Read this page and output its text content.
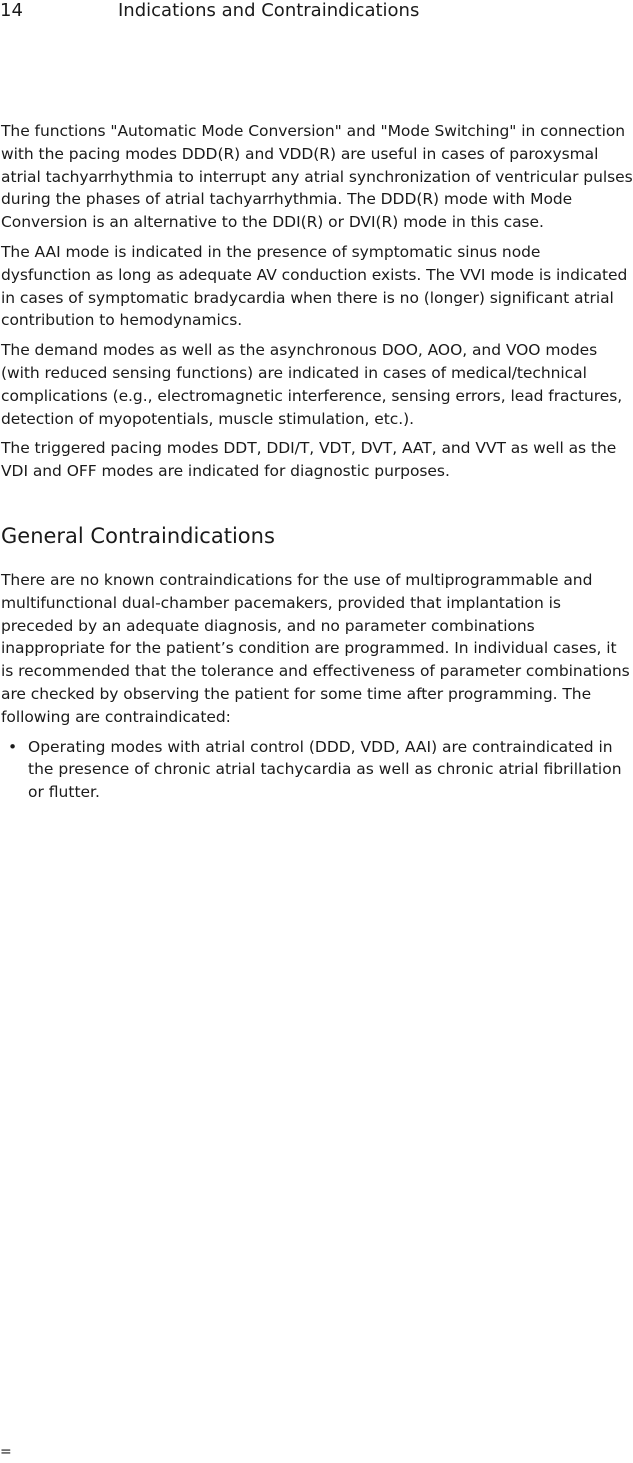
14	Indications and Contraindications

The functions "Automatic Mode Conversion" and "Mode Switching" in connection with the pacing modes DDD(R) and VDD(R) are useful in cases of paroxysmal atrial tachyarrhythmia to interrupt any atrial synchronization of ventricular pulses during the phases of atrial tachyarrhythmia. The DDD(R) mode with Mode Conversion is an alternative to the DDI(R) or DVI(R) mode in this case.

The AAI mode is indicated in the presence of symptomatic sinus node dysfunction as long as adequate AV conduction exists. The VVI mode is indicated in cases of symptomatic bradycardia when there is no (longer) significant atrial contribution to hemodynamics.

The demand modes as well as the asynchronous DOO, AOO, and VOO modes (with reduced sensing functions) are indicated in cases of medical/technical complications (e.g., electromagnetic interference, sensing errors, lead fractures, detection of myopotentials, muscle stimulation, etc.).

The triggered pacing modes DDT, DDI/T, VDT, DVT, AAT, and VVT as well as the VDI and OFF modes are indicated for diagnostic purposes.

General Contraindications

There are no known contraindications for the use of multiprogrammable and multifunctional dual-chamber pacemakers, provided that implantation is preceded by an adequate diagnosis, and no parameter combinations inappropriate for the patient’s condition are programmed. In individual cases, it is recommended that the tolerance and effectiveness of parameter combinations are checked by observing the patient for some time after programming. The following are contraindicated:

• Operating modes with atrial control (DDD, VDD, AAI) are contraindicated in the presence of chronic atrial tachycardia as well as chronic atrial fibrillation or flutter.
=
